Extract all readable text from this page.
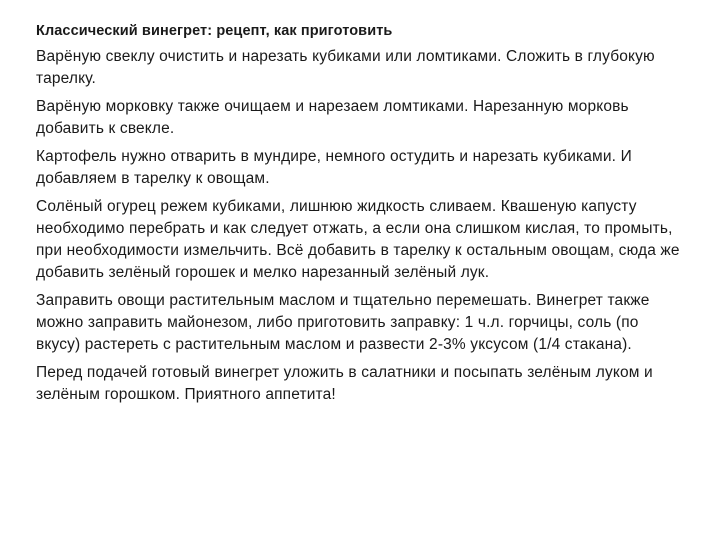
Классический винегрет: рецепт, как приготовить

Варёную свеклу очистить и нарезать кубиками или ломтиками. Сложить в глубокую тарелку.

Варёную морковку также очищаем и нарезаем ломтиками. Нарезанную морковь добавить к свекле.

Картофель нужно отварить в мундире, немного остудить и нарезать кубиками. И добавляем в тарелку к овощам.

Солёный огурец режем кубиками, лишнюю жидкость сливаем. Квашеную капусту необходимо перебрать и как следует отжать, а если она слишком кислая, то промыть, при необходимости измельчить. Всё добавить в тарелку к остальным овощам, сюда же добавить зелёный горошек и мелко нарезанный зелёный лук.

Заправить овощи растительным маслом и тщательно перемешать. Винегрет также можно заправить майонезом, либо приготовить заправку: 1 ч.л. горчицы, соль (по вкусу) растереть с растительным маслом и развести 2-3% уксусом (1/4 стакана).

Перед подачей готовый винегрет уложить в салатники и посыпать зелёным луком и зелёным горошком. Приятного аппетита!
